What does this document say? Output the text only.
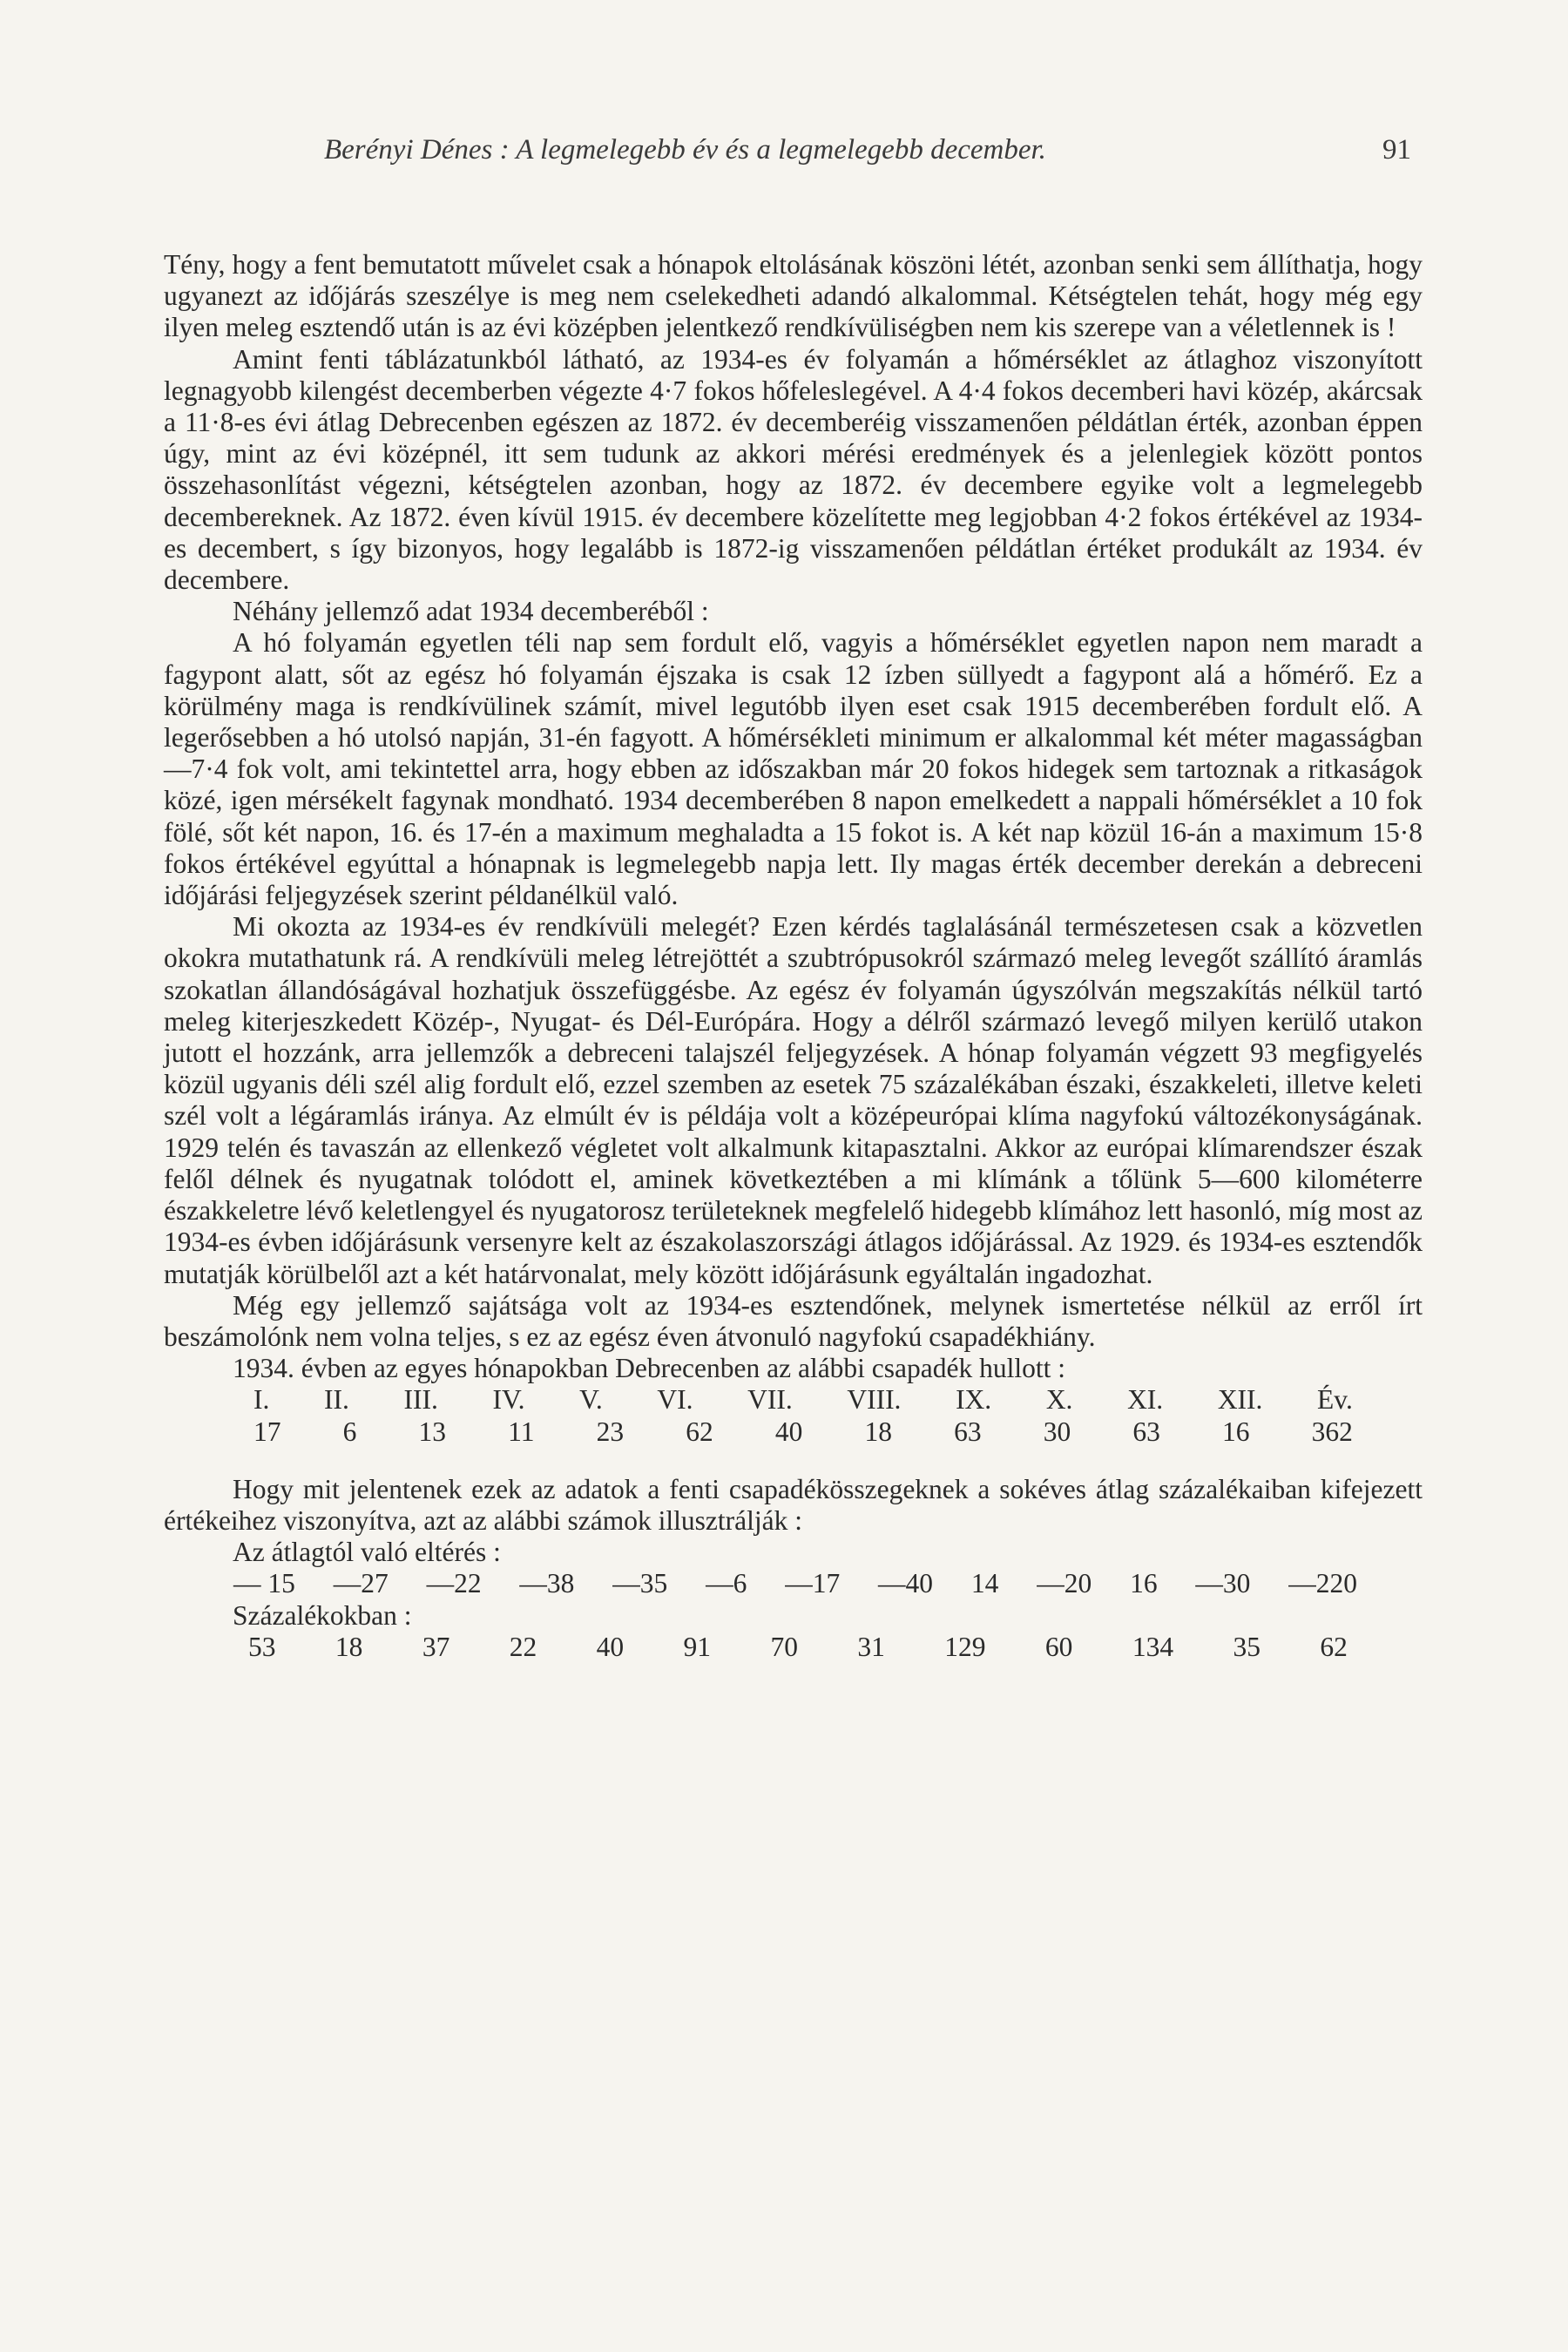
Berényi Dénes : A legmelegebb év és a legmelegebb december.	91

Tény, hogy a fent bemutatott művelet csak a hónapok eltolásának köszöni létét, azonban senki sem állíthatja, hogy ugyanezt az időjárás szeszélye is meg nem cselekedheti adandó alkalommal. Kétségtelen tehát, hogy még egy ilyen meleg esztendő után is az évi középben jelentkező rendkívüliségben nem kis szerepe van a véletlennek is !

Amint fenti táblázatunkból látható, az 1934-es év folyamán a hőmérséklet az átlaghoz viszonyított legnagyobb kilengést decemberben végezte 4·7 fokos hőfeleslegével. A 4·4 fokos decemberi havi közép, akárcsak a 11·8-es évi átlag Debrecenben egészen az 1872. év decemberéig visszamenően példátlan érték, azonban éppen úgy, mint az évi középnél, itt sem tudunk az akkori mérési eredmények és a jelenlegiek között pontos összehasonlítást végezni, kétségtelen azonban, hogy az 1872. év decembere egyike volt a legmelegebb decembereknek. Az 1872. éven kívül 1915. év decembere közelítette meg legjobban 4·2 fokos értékével az 1934-es decembert, s így bizonyos, hogy legalább is 1872-ig visszamenően példátlan értéket produkált az 1934. év decembere.

Néhány jellemző adat 1934 decemberéből :

A hó folyamán egyetlen téli nap sem fordult elő, vagyis a hőmérséklet egyetlen napon nem maradt a fagypont alatt, sőt az egész hó folyamán éjszaka is csak 12 ízben süllyedt a fagypont alá a hőmérő. Ez a körülmény maga is rendkívülinek számít, mivel legutóbb ilyen eset csak 1915 decemberében fordult elő. A legerősebben a hó utolsó napján, 31-én fagyott. A hőmérsékleti minimum er alkalommal két méter magasságban —7·4 fok volt, ami tekintettel arra, hogy ebben az időszakban már 20 fokos hidegek sem tartoznak a ritkaságok közé, igen mérsékelt fagynak mondható. 1934 decemberében 8 napon emelkedett a nappali hőmérséklet a 10 fok fölé, sőt két napon, 16. és 17-én a maximum meghaladta a 15 fokot is. A két nap közül 16-án a maximum 15·8 fokos értékével egyúttal a hónapnak is legmelegebb napja lett. Ily magas érték december derekán a debreceni időjárási feljegyzések szerint példanélkül való.

Mi okozta az 1934-es év rendkívüli melegét? Ezen kérdés taglalásánál természetesen csak a közvetlen okokra mutathatunk rá. A rendkívüli meleg létrejöttét a szubtrópusokról származó meleg levegőt szállító áramlás szokatlan állandóságával hozhatjuk összefüggésbe. Az egész év folyamán úgyszólván megszakítás nélkül tartó meleg kiterjeszkedett Közép-, Nyugat- és Dél-Európára. Hogy a délről származó levegő milyen kerülő utakon jutott el hozzánk, arra jellemzők a debreceni talajszél feljegyzések. A hónap folyamán végzett 93 megfigyelés közül ugyanis déli szél alig fordult elő, ezzel szemben az esetek 75 százalékában északi, északkeleti, illetve keleti szél volt a légáramlás iránya. Az elmúlt év is példája volt a középeurópai klíma nagyfokú változékonyságának. 1929 telén és tavaszán az ellenkező végletet volt alkalmunk kitapasztalni. Akkor az európai klímarendszer észak felől délnek és nyugatnak tolódott el, aminek következtében a mi klímánk a tőlünk 5—600 kilométerre északkeletre lévő keletlengyel és nyugatorosz területeknek megfelelő hidegebb klímához lett hasonló, míg most az 1934-es évben időjárásunk versenyre kelt az északolaszországi átlagos időjárással. Az 1929. és 1934-es esztendők mutatják körülbelől azt a két határvonalat, mely között időjárásunk egyáltalán ingadozhat.

Még egy jellemző sajátsága volt az 1934-es esztendőnek, melynek ismertetése nélkül az erről írt beszámolónk nem volna teljes, s ez az egész éven átvonuló nagyfokú csapadékhiány.

1934. évben az egyes hónapokban Debrecenben az alábbi csapadék hullott :

I. II. III. IV. V. VI. VII. VIII. IX. X. XI. XII. Év.
17 6 13 11 23 62 40 18 63 30 63 16 362

Hogy mit jelentenek ezek az adatok a fenti csapadékösszegeknek a sokéves átlag százalékaiban kifejezett értékeihez viszonyítva, azt az alábbi számok illusztrálják :

Az átlagtól való eltérés :
— 15 —27 —22 —38 —35 —6 —17 —40 14 —20 16 —30 —220
Százalékokban :
53 18 37 22 40 91 70 31 129 60 134 35 62
